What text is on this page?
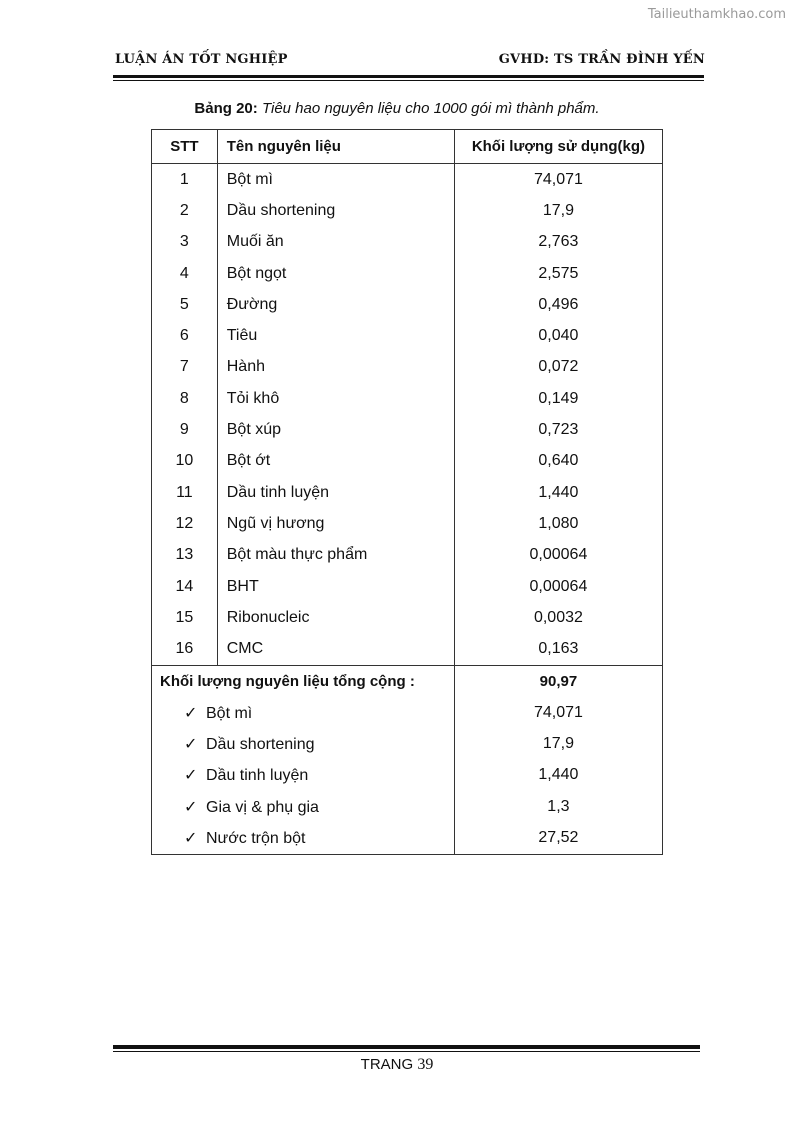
Tailieuthamkhao.com
LUẬN ÁN TỐT NGHIỆP	GVHD: TS TRẦN ĐÌNH YẾN
Bảng 20: Tiêu hao nguyên liệu cho 1000 gói mì thành phẩm.
STT	Tên nguyên liệu	Khối lượng sử dụng(kg)
1	Bột mì	74,071
2	Dầu shortening	17,9
3	Muối ăn	2,763
4	Bột ngọt	2,575
5	Đường	0,496
6	Tiêu	0,040
7	Hành	0,072
8	Tỏi khô	0,149
9	Bột xúp	0,723
10	Bột ớt	0,640
11	Dầu tinh luyện	1,440
12	Ngũ vị hương	1,080
13	Bột màu thực phẩm	0,00064
14	BHT	0,00064
15	Ribonucleic	0,0032
16	CMC	0,163
Khối lượng nguyên liệu tổng cộng :		90,97
✓ Bột mì		74,071
✓ Dầu shortening		17,9
✓ Dầu tinh luyện		1,440
✓ Gia vị & phụ gia		1,3
✓ Nước trộn bột		27,52
TRANG 39
